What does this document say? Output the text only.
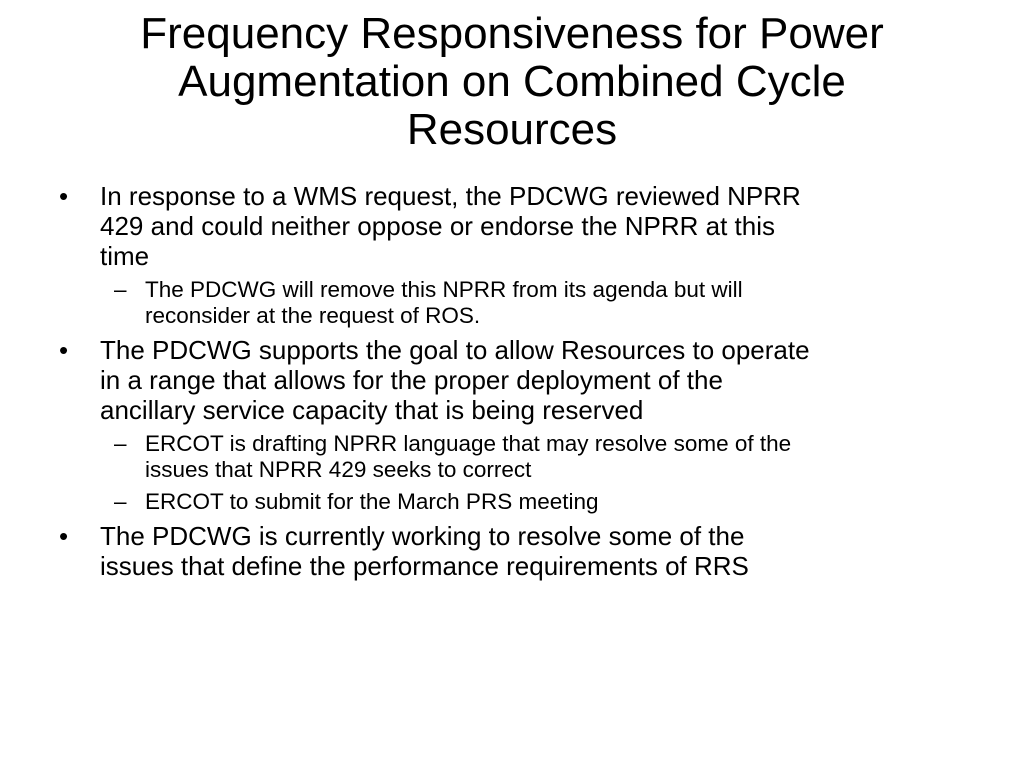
Frequency Responsiveness for Power
Augmentation on Combined Cycle
Resources
• In response to a WMS request, the PDCWG reviewed NPRR
429 and could neither oppose or endorse the NPRR at this
time
– The PDCWG will remove this NPRR from its agenda but will
reconsider at the request of ROS.
• The PDCWG supports the goal to allow Resources to operate
in a range that allows for the proper deployment of the
ancillary service capacity that is being reserved
– ERCOT is drafting NPRR language that may resolve some of the
issues that NPRR 429 seeks to correct
– ERCOT to submit for the March PRS meeting
• The PDCWG is currently working to resolve some of the
issues that define the performance requirements of RRS
